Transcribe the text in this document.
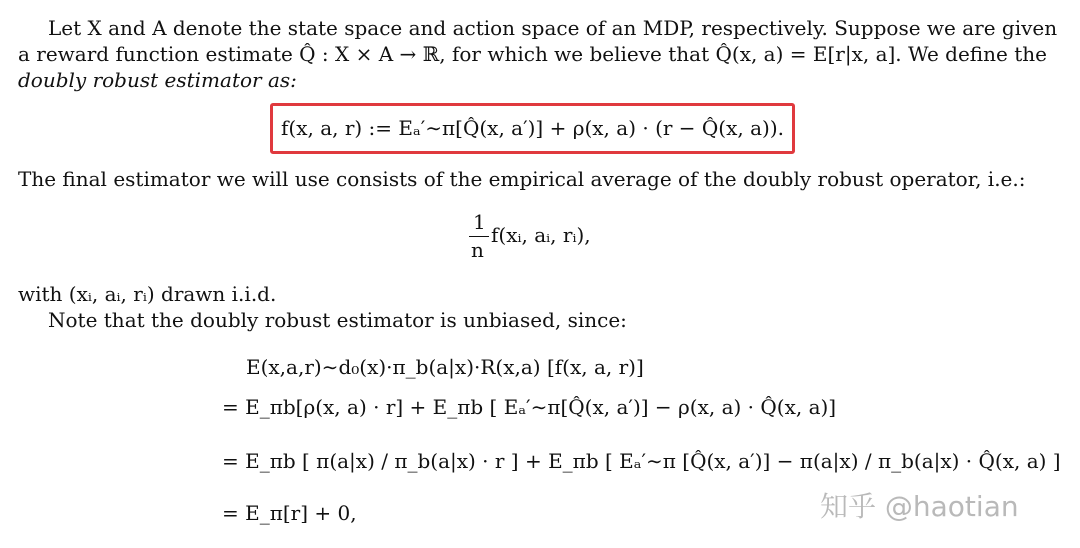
Let X and A denote the state space and action space of an MDP, respectively. Suppose we are given
a reward function estimate Q̂ : X × A → ℝ, for which we believe that Q̂(x, a) = E[r|x, a]. We define the
doubly robust estimator as:
f(x, a, r) := Eₐ′∼π[Q̂(x, a′)] + ρ(x, a) · (r − Q̂(x, a)).
The final estimator we will use consists of the empirical average of the doubly robust operator, i.e.:
1
n
f(xᵢ, aᵢ, rᵢ),
with (xᵢ, aᵢ, rᵢ) drawn i.i.d.
Note that the doubly robust estimator is unbiased, since:
E(x,a,r)∼d₀(x)·π_b(a|x)·R(x,a) [f(x, a, r)]
= E_πb[ρ(x, a) · r] + E_πb [ Eₐ′∼π[Q̂(x, a′)] − ρ(x, a) · Q̂(x, a)]
= E_πb [ π(a|x) / π_b(a|x) · r ] + E_πb [ Eₐ′∼π [Q̂(x, a′)] − π(a|x) / π_b(a|x) · Q̂(x, a) ]
= E_π[r] + 0,	知乎 @haotian
